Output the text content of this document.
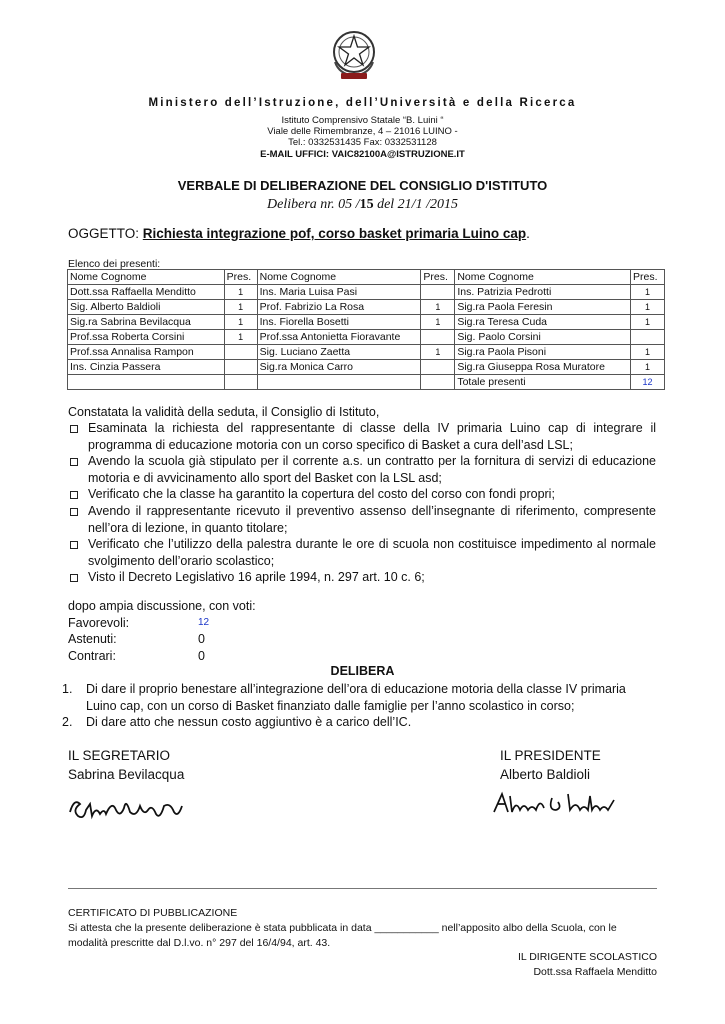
Ministero dell’Istruzione, dell’Università e della Ricerca
Istituto Comprensivo Statale “B. Luini “
Viale delle Rimembranze, 4 – 21016 LUINO -
Tel.: 0332531435 Fax: 0332531128
E-MAIL UFFICI: VAIC82100A@ISTRUZIONE.IT
VERBALE DI DELIBERAZIONE DEL CONSIGLIO D'ISTITUTO
Delibera nr. 05 /15 del 21/1 /2015
OGGETTO: Richiesta integrazione pof, corso basket primaria Luino cap.
Elenco dei presenti:
Nome Cognome	Pres.	Nome Cognome	Pres.	Nome Cognome	Pres.
Dott.ssa Raffaella Menditto	1	Ins. Maria Luisa Pasi		Ins. Patrizia Pedrotti	1
Sig. Alberto Baldioli	1	Prof. Fabrizio La Rosa	1	Sig.ra Paola Feresin	1
Sig.ra Sabrina Bevilacqua	1	Ins. Fiorella Bosetti	1	Sig.ra Teresa Cuda	1
Prof.ssa Roberta Corsini	1	Prof.ssa Antonietta Fioravante		Sig. Paolo Corsini	
Prof.ssa Annalisa Rampon		Sig. Luciano Zaetta	1	Sig.ra Paola Pisoni	1
Ins. Cinzia Passera		Sig.ra Monica Carro		Sig.ra Giuseppa Rosa Muratore	1
				Totale presenti	12
Constatata la validità della seduta, il Consiglio di Istituto,
Esaminata la richiesta del rappresentante di classe della IV primaria Luino cap di integrare il programma di educazione motoria con un corso specifico di Basket a cura dell’asd LSL;
Avendo la scuola già stipulato per il corrente a.s. un contratto per la fornitura di servizi di educazione motoria e di avvicinamento allo sport del Basket con la LSL asd;
Verificato che la classe ha garantito la copertura del costo del corso con fondi propri;
Avendo il rappresentante ricevuto il preventivo assenso dell’insegnante di riferimento, compresente nell’ora di lezione, in quanto titolare;
Verificato che l’utilizzo della palestra durante le ore di scuola non costituisce impedimento al normale svolgimento dell’orario scolastico;
Visto il Decreto Legislativo 16 aprile 1994, n. 297 art. 10 c. 6;
dopo ampia discussione, con voti:
Favorevoli:	12
Astenuti:	0
Contrari:	0
DELIBERA
1. Di dare il proprio benestare all’integrazione dell’ora di educazione motoria della classe IV primaria Luino cap, con un corso di Basket finanziato dalle famiglie per l’anno scolastico in corso;
2. Di dare atto che nessun costo aggiuntivo è a carico dell’IC.
IL SEGRETARIO
Sabrina Bevilacqua
IL PRESIDENTE
Alberto Baldioli
CERTIFICATO DI PUBBLICAZIONE
Si attesta che la presente deliberazione è stata pubblicata in data ___________ nell’apposito albo della Scuola, con le modalità prescritte dal D.l.vo. n° 297 del 16/4/94, art. 43.
IL DIRIGENTE SCOLASTICO
Dott.ssa Raffaela Menditto
